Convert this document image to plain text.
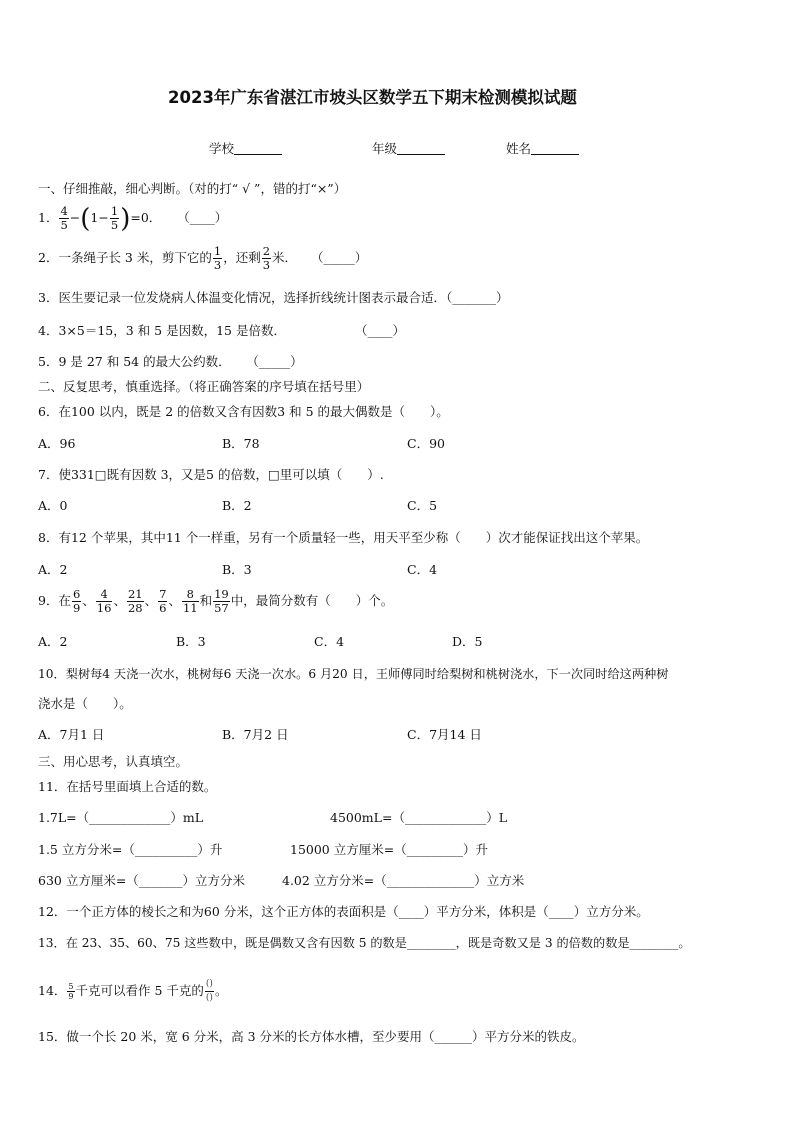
2023年广东省湛江市坡头区数学五下期末检测模拟试题
学校	年级	姓名
一、仔细推敲，细心判断。（对的打“ √ ”，错的打“×”）
1． $\frac{4}{5}$ − ( $1- \frac{1}{5}$ ) =0． （____）
2．一条绳子长 3 米，剪下它的 $\frac{1}{3}$ ，还剩 $\frac{2}{3}$ 米． （_____）
3．医生要记录一位发烧病人体温变化情况，选择折线统计图表示最合适．（_______）
4．3×5＝15，3 和 5 是因数，15 是倍数．	（____）
5．9 是 27 和 54 的最大公约数． （_____）
二、反复思考，慎重选择。（将正确答案的序号填在括号里）
6．在100 以内，既是 2 的倍数又含有因数3 和 5 的最大偶数是（　　）。
A．96	B．78	C．90
7．使331□既有因数 3，又是5 的倍数，□里可以填（　　）.
A．0	B．2	C．5
8．有12 个苹果，其中11 个一样重，另有一个质量轻一些，用天平至少称（　　）次才能保证找出这个苹果。
A．2	B．3	C．4
9．在 $\frac{6}{9}$ 、 $\frac{4}{16}$ 、 $\frac{21}{28}$ 、 $\frac{7}{6}$ 、 $\frac{8}{11}$ 和 $\frac{19}{57}$ 中，最简分数有（　　）个。
A．2	B．3	C．4	D．5
10．梨树每4 天浇一次水，桃树每6 天浇一次水。6 月20 日，王师傅同时给梨树和桃树浇水，下一次同时给这两种树
浇水是（　　）。
A．7月1 日	B．7月2 日	C．7月14 日
三、用心思考，认真填空。
11．在括号里面填上合适的数。
1.7L=（_____________）mL	4500mL=（_____________）L
1.5 立方分米=（__________）升	15000 立方厘米=（_________）升
630 立方厘米=（_______）立方分米	4.02 立方分米=（______________）立方米
12．一个正方体的棱长之和为60 分米，这个正方体的表面积是（____）平方分米，体积是（____）立方分米。
13．在 23、35、60、75 这些数中，既是偶数又含有因数 5 的数是________，既是奇数又是 3 的倍数的数是________。
14． $\frac{5}{9}$ 千克可以看作 5 千克的 $\frac{()}{()}$ 。
15．做一个长 20 米，宽 6 分米，高 3 分米的长方体水槽，至少要用（______）平方分米的铁皮。
